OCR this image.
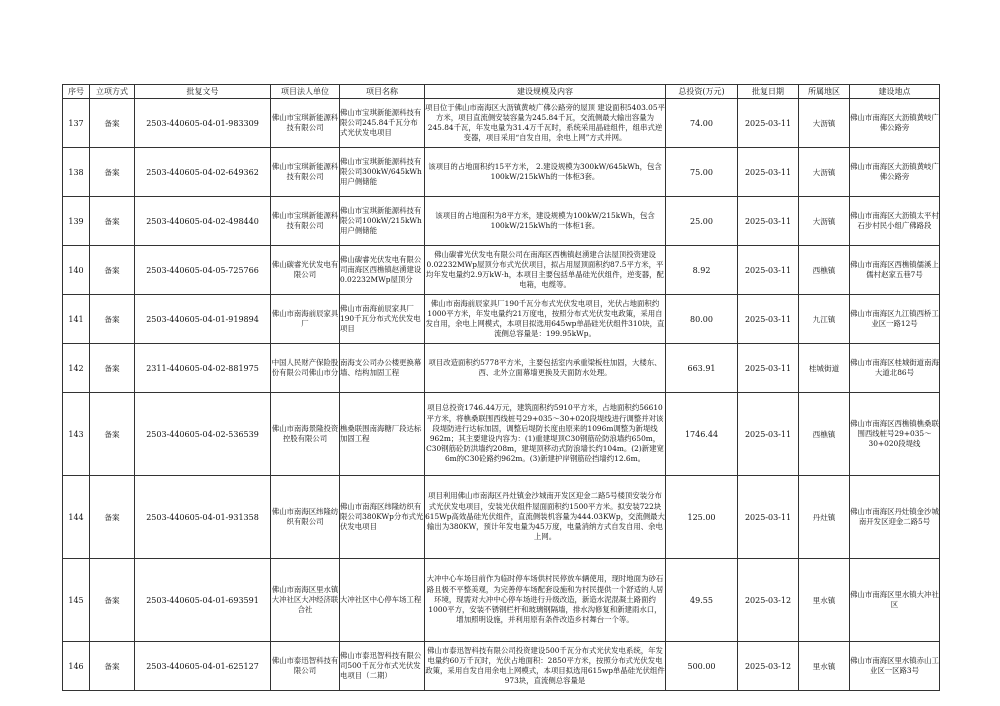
序号	立项方式	批复文号	项目法人单位	项目名称	建设规模及内容	总投资(万元)	批复日期	所属地区	建设地点
137	备案	2503-440605-04-01-983309	佛山市宝琪新能源科技有限公司	佛山市宝琪新能源科技有限公司245.84千瓦分布式光伏发电项目	项目位于佛山市南海区大沥镇黄岐广佛公路旁的屋顶 建设面积5403.05平方米，项目直流侧安装容量为245.84千瓦，交流侧最大输出容量为245.84千瓦，年发电量为31.4万千瓦时，系统采用晶硅组件，组串式逆变器，项目采用“自发自用，余电上网”方式并网。	74.00	2025-03-11	大沥镇	佛山市南海区大沥镇黄岐广佛公路旁

138	备案	2503-440605-04-02-649362	佛山市宝琪新能源科技有限公司	佛山市宝琪新能源科技有限公司300kW/645kWh用户侧储能	该项目的占地面积约15平方米， 2.建设规模为300kW/645kWh，包含100kW/215kWh的一体柜3套。	75.00	2025-03-11	大沥镇	佛山市南海区大沥镇黄岐广佛公路旁

139	备案	2503-440605-04-02-498440	佛山市宝琪新能源科技有限公司	佛山市宝琪新能源科技有限公司100kW/215kWh用户侧储能	该项目的占地面积为8平方米，建设规模为100kW/215kWh，包含100kW/215kWh的一体柜1套。	25.00	2025-03-11	大沥镇	佛山市南海区大沥镇太平村石步村民小组广佛路段

140	备案	2503-440605-04-05-725766	佛山碳睿光伏发电有限公司	佛山碳睿光伏发电有限公司南海区西樵镇赵湧建设0.02232MWp屋顶分	佛山碳睿光伏发电有限公司在南海区西樵镇赵湧建合法屋顶投资建设0.02232MWp屋顶分布式光伏项目，拟占用屋顶面积约87.5平方米，平均年发电量约2.9万kW·h，本项目主要包括单晶硅光伏组件，逆变器，配电箱，电缆等。	8.92	2025-03-11	西樵镇	佛山市南海区西樵镇儒溪上儒村赵家五巷7号

141	备案	2503-440605-04-01-919894	佛山市南海前辰家具厂	佛山市南海前辰家具厂190千瓦分布式光伏发电项目	佛山市南海前辰家具厂190千瓦分布式光伏发电项目，光伏占地面积约1000平方米，年发电量约21万度电，按照分布式光伏发电政策，采用自发自用，余电上网模式，本项目拟选用645wp单晶硅光伏组件310块，直流侧总容量是：199.95kWp。	80.00	2025-03-11	九江镇	佛山市南海区九江镇西桥工业区一路12号

142	备案	2311-440605-04-02-881975	中国人民财产保险股份有限公司佛山市分	南海支公司办公楼更换幕墙、结构加固工程	项目改造面积约5778平方米，主要包括室内承重梁板柱加固，大楼东、西、北外立面幕墙更换及天面防水处理。	663.91	2025-03-11	桂城街道	佛山市南海区桂城街道南海大道北86号

143	备案	2503-440605-04-02-536539	佛山市南海景隆投资控股有限公司	樵桑联围南海糖厂段达标加固工程	项目总投资1746.44万元，建筑面积约5910平方米，占地面积约56610平方米，将樵桑联围西线桩号29+035～30+020段堤线进行调整并对该段堤防进行达标加固，调整后堤防长度由原来的1096m调整为新堤线962m；其主要建设内容为：(1)重建堤顶C30钢筋砼防浪墙约650m，C30钢筋砼防洪墙约208m，建堤顶移动式防浪墙长约104m。(2)新建宽6m的C30砼路约962m。(3)新建护岸钢筋砼挡墙约12.6m。	1746.44	2025-03-11	西樵镇	佛山市南海区西樵镇樵桑联围西线桩号29+035～30+020段堤线

144	备案	2503-440605-04-01-931358	佛山市南海区纬隆纺织有限公司	佛山市南海区纬隆纺织有限公司380KWp分布式光伏发电项目	项目利用佛山市南海区丹灶镇金沙城南开发区迎金二路5号楼顶安装分布式光伏发电项目，安装光伏组件屋面面积约1500平方米。拟安装722块615Wp高效晶硅光伏组件，直流侧装机容量为444.03KWp，交流侧最大输出为380KW，预计年发电量为45万度，电量消纳方式自发自用、余电上网。	125.00	2025-03-11	丹灶镇	佛山市南海区丹灶镇金沙城南开发区迎金二路5号

145	备案	2503-440605-04-01-693591	佛山市南海区里水镇大冲社区大冲经济联合社	大冲社区中心停车场工程	大冲中心车场目前作为临时停车场供村民停放车辆使用，现时地面为砂石路且极不平整美观，为完善停车场配套设施和为村民提供一个舒适的人居环境，现需对大冲中心停车场进行升级改造，新造水泥混凝土路面约1000平方，安装不锈钢栏杆和玻璃钢隔墙，排水沟修复和新建雨水口，增加照明设施，并利用原有条件改造乡村舞台一个等。	49.55	2025-03-12	里水镇	佛山市南海区里水镇大冲社区

146	备案	2503-440605-04-01-625127	佛山市泰迅智科技有限公司	佛山市泰迅智科技有限公司500千瓦分布式光伏发电项目（二期）	佛山市泰迅智科技有限公司投资建设500千瓦分布式光伏发电系统，年发电量约60万千瓦时，光伏占地面积：2850平方米，按照分布式光伏发电政策，采用自发自用余电上网模式，本项目拟选用615wp单晶硅光伏组件973块，直流侧总容量是	500.00	2025-03-12	里水镇	佛山市南海区里水镇赤山工业区一区路3号
